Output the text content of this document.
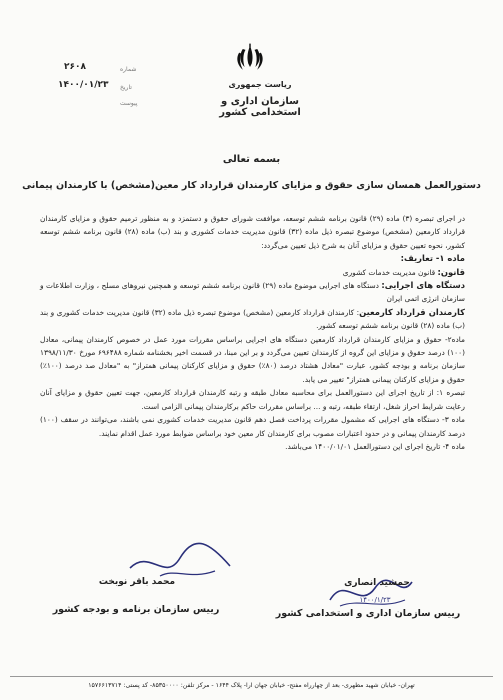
ریاست جمهوری
سازمان اداری و استخدامی کشور
شماره
۲۶۰۸
تاریخ
۱۴۰۰/۰۱/۲۳
پیوست
بسمه تعالی
دستورالعمل همسان سازی حقوق و مزایای کارمندان قرارداد کار معین(مشخص) با کارمندان پیمانی

در اجرای تبصره (۳) ماده (۲۹) قانون برنامه ششم توسعه، موافقت شورای حقوق و دستمزد و به منظور ترمیم حقوق و مزایای کارمندان قرارداد کارمعین (مشخص) موضوع تبصره ذیل ماده (۳۲) قانون مدیریت خدمات کشوری و بند (ب) ماده (۲۸) قانون برنامه ششم توسعه کشور، نحوه تعیین حقوق و مزایای آنان به شرح ذیل تعیین می‌گردد:

ماده ۱- تعاریف:

قانون: قانون مدیریت خدمات کشوری

دستگاه های اجرایی: دستگاه های اجرایی موضوع ماده (۲۹) قانون برنامه ششم توسعه و همچنین نیروهای مسلح ، وزارت اطلاعات و سازمان انرژی اتمی ایران

کارمندان قرارداد کارمعین: کارمندان قرارداد کارمعین (مشخص) موضوع تبصره ذیل ماده (۳۲) قانون مدیریت خدمات کشوری و بند (ب) ماده (۲۸) قانون برنامه ششم توسعه کشور.

ماده۲- حقوق و مزایای کارمندان قرارداد کارمعین دستگاه های اجرایی براساس مقررات مورد عمل در خصوص کارمندان پیمانی، معادل (۱۰۰) درصد حقوق و مزایای این گروه از کارمندان تعیین می‌گردد و بر این مبنا، در قسمت اخیر بخشنامه شماره ۶۹۶۴۸۸ مورخ ۱۳۹۸/۱۱/۳۰ سازمان برنامه و بودجه کشور، عبارت "معادل هشتاد درصد (۸۰٪) حقوق و مزایای کارکنان پیمانی همتراز" به "معادل صد درصد (۱۰۰٪) حقوق و مزایای کارکنان پیمانی همتراز" تغییر می یابد.

تبصره ۱: از تاریخ اجرای این دستورالعمل برای محاسبه معادل طبقه و رتبه کارمندان قرارداد کارمعین، جهت تعیین حقوق و مزایای آنان رعایت شرایط احراز شغل، ارتقاء طبقه، رتبه و ... براساس مقررات حاکم برکارمندان پیمانی الزامی است.

ماده ۳- دستگاه های اجرایی که مشمول مقررات پرداخت فصل دهم قانون مدیریت خدمات کشوری نمی باشند، می‌توانند در سقف (۱۰۰) درصد کارمندان پیمانی و در حدود اعتبارات مصوب برای کارمندان کار معین خود براساس ضوابط مورد عمل اقدام نمایند.

ماده ۴- تاریخ اجرای این دستورالعمل ۱۴۰۰/۰۱/۰۱ می‌باشد.

محمد باقر نوبخت
رییس سازمان برنامه و بودجه کشور
جمشید انصاری
۱۴۰۰/۱/۲۳
رییس سازمان اداری و استخدامی کشور
تهران- خیابان شهید مطهری- بعد از چهارراه مفتح- خیابان جهان آرا- پلاک ۱۶۴۴ - مرکز تلفن: ۸۵۳۵۰۰۰۰- کد پستی: ۱۵۷۶۶۱۳۷۱۴
